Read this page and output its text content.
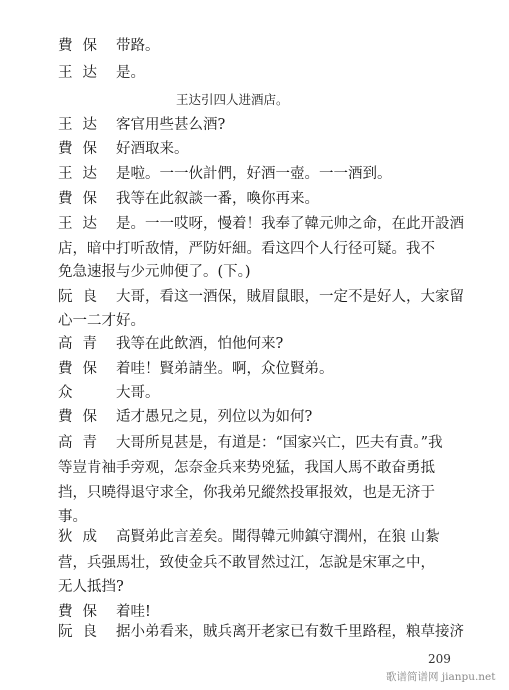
費保 带路。
王达 是。
王达引四人进酒店。
王达 客官用些甚么酒?
費保 好酒取来。
王达 是啦。一一伙計們，好酒一壺。一一酒到。
費保 我等在此叙談一番，喚你再来。
王达 是。一一哎呀，慢着！我奉了韓元帅之命，在此开設酒
店，暗中打听敌情，严防奸細。看这四个人行径可疑。我不
免急速报与少元帅便了。(下。)
阮良 大哥，看这一酒保，賊眉鼠眼，一定不是好人，大家留
心一二才好。
高青 我等在此飲酒，怕他何来?
費保 着哇！賢弟請坐。啊，众位賢弟。
众	大哥。
費保 适才愚兄之見，列位以为如何?
高青 大哥所見甚是，有道是：“国家兴亡，匹夫有責。”我
等豈肯袖手旁观，怎奈金兵来势兇猛，我国人馬不敢奋勇抵
挡，只曉得退守求全，你我弟兄縱然投軍报效，也是无济于
事。
狄成 高賢弟此言差矣。聞得韓元帅鎮守潤州，在狼 山紮
营，兵强馬壮，致使金兵不敢冒然过江，怎說是宋軍之中，
无人抵挡?
費保 着哇!
阮良 据小弟看来，賊兵离开老家已有数千里路程，粮草接济
209
歌谱简谱网 jianpu.net
